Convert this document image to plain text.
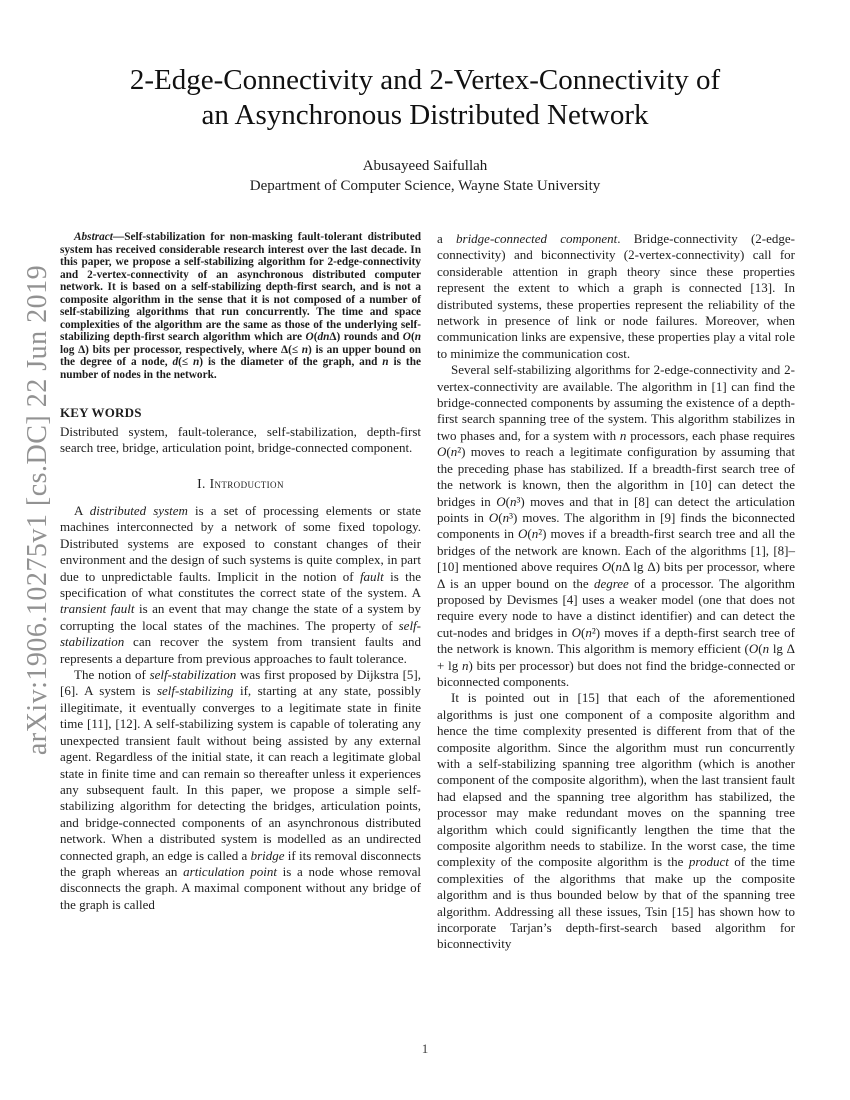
arXiv:1906.10275v1 [cs.DC] 22 Jun 2019
2-Edge-Connectivity and 2-Vertex-Connectivity of
an Asynchronous Distributed Network
Abusayeed Saifullah
Department of Computer Science, Wayne State University

Abstract—Self-stabilization for non-masking fault-tolerant distributed system has received considerable research interest over the last decade. In this paper, we propose a self-stabilizing algorithm for 2-edge-connectivity and 2-vertex-connectivity of an asynchronous distributed computer network. It is based on a self-stabilizing depth-first search, and is not a composite algorithm in the sense that it is not composed of a number of self-stabilizing algorithms that run concurrently. The time and space complexities of the algorithm are the same as those of the underlying self-stabilizing depth-first search algorithm which are O(dnΔ) rounds and O(n log Δ) bits per processor, respectively, where Δ(≤ n) is an upper bound on the degree of a node, d(≤ n) is the diameter of the graph, and n is the number of nodes in the network.

KEY WORDS

Distributed system, fault-tolerance, self-stabilization, depth-first search tree, bridge, articulation point, bridge-connected component.

I. Introduction

A distributed system is a set of processing elements or state machines interconnected by a network of some fixed topology. Distributed systems are exposed to constant changes of their environment and the design of such systems is quite complex, in part due to unpredictable faults. Implicit in the notion of fault is the specification of what constitutes the correct state of the system. A transient fault is an event that may change the state of a system by corrupting the local states of the machines. The property of self-stabilization can recover the system from transient faults and represents a departure from previous approaches to fault tolerance.

The notion of self-stabilization was first proposed by Dijkstra [5], [6]. A system is self-stabilizing if, starting at any state, possibly illegitimate, it eventually converges to a legitimate state in finite time [11], [12]. A self-stabilizing system is capable of tolerating any unexpected transient fault without being assisted by any external agent. Regardless of the initial state, it can reach a legitimate global state in finite time and can remain so thereafter unless it experiences any subsequent fault. In this paper, we propose a simple self-stabilizing algorithm for detecting the bridges, articulation points, and bridge-connected components of an asynchronous distributed network. When a distributed system is modelled as an undirected connected graph, an edge is called a bridge if its removal disconnects the graph whereas an articulation point is a node whose removal disconnects the graph. A maximal component without any bridge of the graph is called

a bridge-connected component. Bridge-connectivity (2-edge-connectivity) and biconnectivity (2-vertex-connectivity) call for considerable attention in graph theory since these properties represent the extent to which a graph is connected [13]. In distributed systems, these properties represent the reliability of the network in presence of link or node failures. Moreover, when communication links are expensive, these properties play a vital role to minimize the communication cost.

Several self-stabilizing algorithms for 2-edge-connectivity and 2-vertex-connectivity are available. The algorithm in [1] can find the bridge-connected components by assuming the existence of a depth-first search spanning tree of the system. This algorithm stabilizes in two phases and, for a system with n processors, each phase requires O(n²) moves to reach a legitimate configuration by assuming that the preceding phase has stabilized. If a breadth-first search tree of the network is known, then the algorithm in [10] can detect the bridges in O(n³) moves and that in [8] can detect the articulation points in O(n³) moves. The algorithm in [9] finds the biconnected components in O(n²) moves if a breadth-first search tree and all the bridges of the network are known. Each of the algorithms [1], [8]–[10] mentioned above requires O(nΔ lg Δ) bits per processor, where Δ is an upper bound on the degree of a processor. The algorithm proposed by Devismes [4] uses a weaker model (one that does not require every node to have a distinct identifier) and can detect the cut-nodes and bridges in O(n²) moves if a depth-first search tree of the network is known. This algorithm is memory efficient (O(n lg Δ + lg n) bits per processor) but does not find the bridge-connected or biconnected components.

It is pointed out in [15] that each of the aforementioned algorithms is just one component of a composite algorithm and hence the time complexity presented is different from that of the composite algorithm. Since the algorithm must run concurrently with a self-stabilizing spanning tree algorithm (which is another component of the composite algorithm), when the last transient fault had elapsed and the spanning tree algorithm has stabilized, the processor may make redundant moves on the spanning tree algorithm which could significantly lengthen the time that the composite algorithm needs to stabilize. In the worst case, the time complexity of the composite algorithm is the product of the time complexities of the algorithms that make up the composite algorithm and is thus bounded below by that of the spanning tree algorithm. Addressing all these issues, Tsin [15] has shown how to incorporate Tarjan’s depth-first-search based algorithm for biconnectivity

1
